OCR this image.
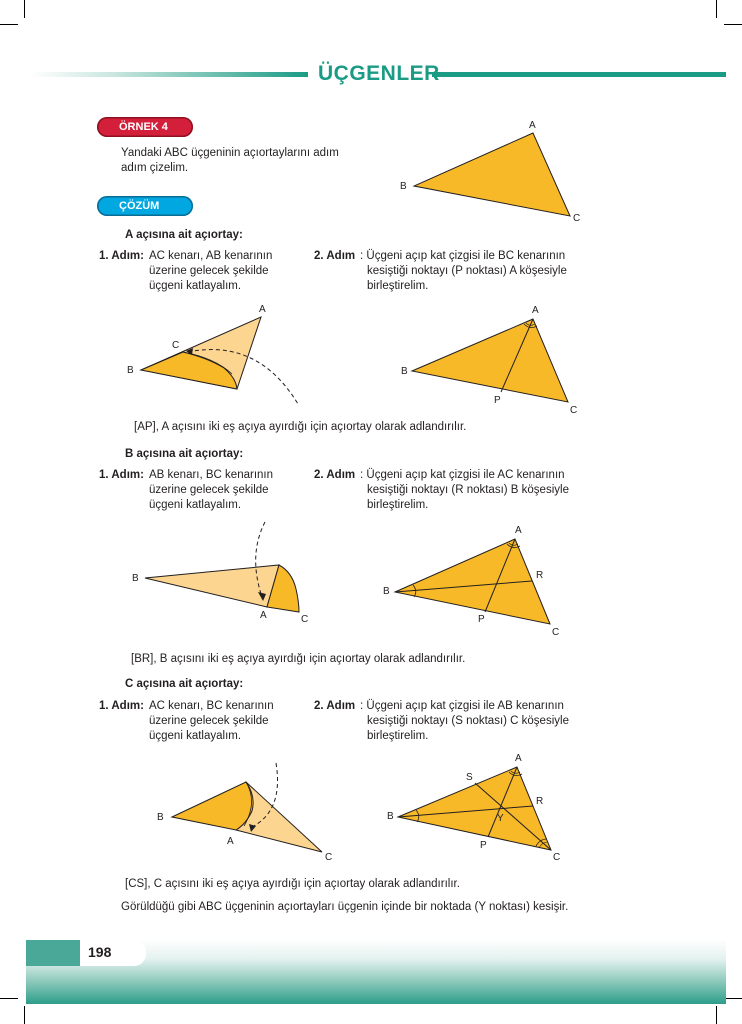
ÜÇGENLER
ÖRNEK 4
Yandaki ABC üçgeninin açıortaylarını adım
adım çizelim.
A
B
C
ÇÖZÜM
A açısına ait açıortay:
1. Adım: AC kenarı, AB kenarının
üzerine gelecek şekilde
üçgeni katlayalım.
2. Adım : Üçgeni açıp kat çizgisi ile BC kenarının
kesiştiği noktayı (P noktası) A köşesiyle
birleştirelim.
A
B
C
A
B
C
P
[AP], A açısını iki eş açıya ayırdığı için açıortay olarak adlandırılır.
B açısına ait açıortay:
1. Adım: AB kenarı, BC kenarının
üzerine gelecek şekilde
üçgeni katlayalım.
2. Adım : Üçgeni açıp kat çizgisi ile AC kenarının
kesiştiği noktayı (R noktası) B köşesiyle
birleştirelim.
B
A	C
A
B
C
R
P
[BR], B açısını iki eş açıya ayırdığı için açıortay olarak adlandırılır.
C açısına ait açıortay:
1. Adım: AC kenarı, BC kenarının
üzerine gelecek şekilde
üçgeni katlayalım.
2. Adım : Üçgeni açıp kat çizgisi ile AB kenarının
kesiştiği noktayı (S noktası) C köşesiyle
birleştirelim.
B
A
C
A
S
R
B	Y
P
C
[CS], C açısını iki eş açıya ayırdığı için açıortay olarak adlandırılır.
Görüldüğü gibi ABC üçgeninin açıortayları üçgenin içinde bir noktada (Y noktası) kesişir.
198
